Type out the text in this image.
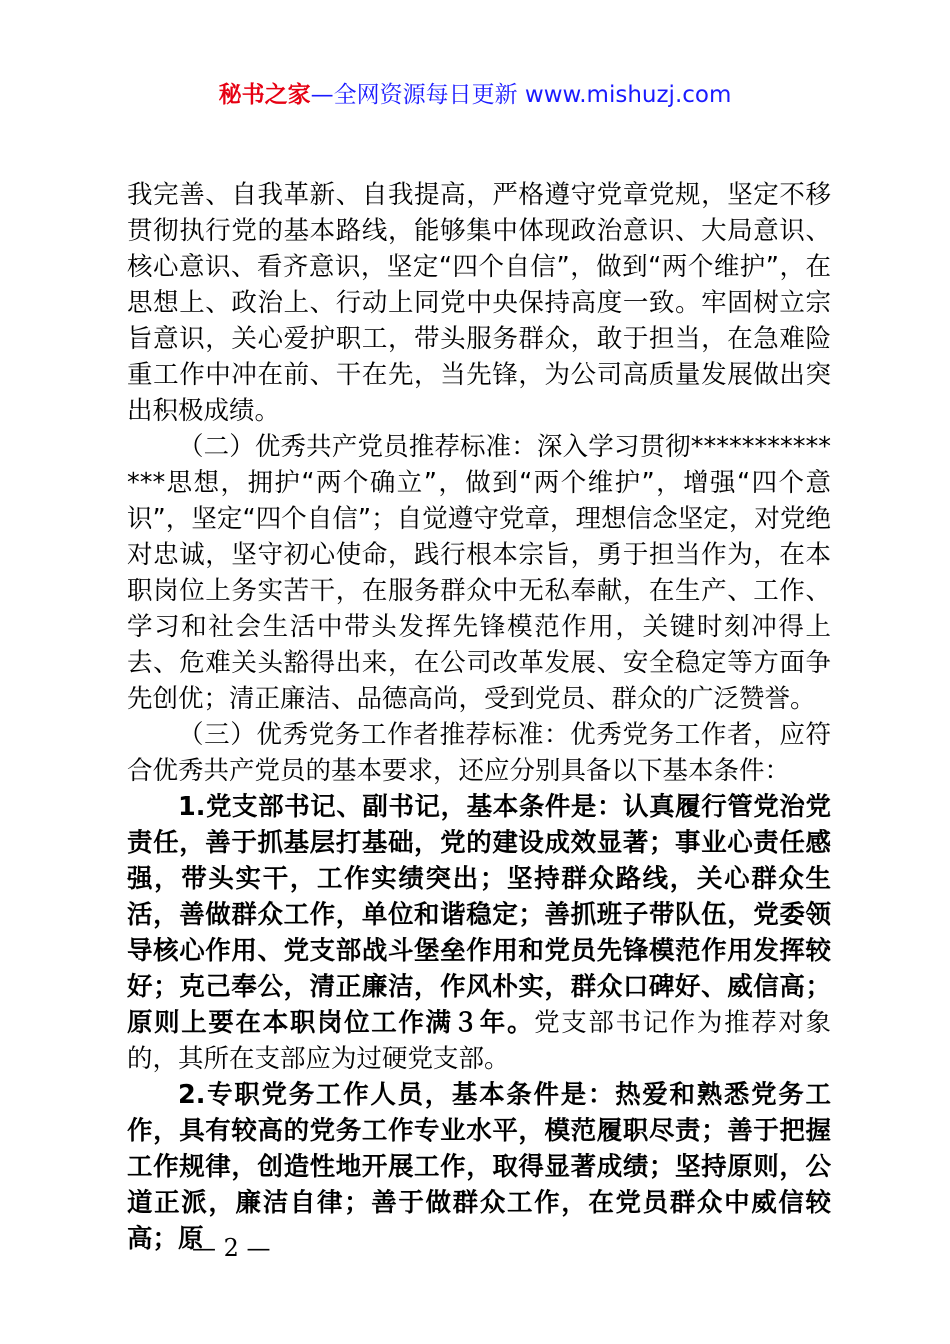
秘书之家—全网资源每日更新 www.mishuzj.com

我完善、自我革新、自我提高，严格遵守党章党规，坚定不移贯彻执行党的基本路线，能够集中体现政治意识、大局意识、核心意识、看齐意识，坚定“四个自信”，做到“两个维护”，在思想上、政治上、行动上同党中央保持高度一致。牢固树立宗旨意识，关心爱护职工，带头服务群众，敢于担当，在急难险重工作中冲在前、干在先，当先锋，为公司高质量发展做出突出积极成绩。

（二）优秀共产党员推荐标准：深入学习贯彻**************思想，拥护“两个确立”，做到“两个维护”，增强“四个意识”，坚定“四个自信”；自觉遵守党章，理想信念坚定，对党绝对忠诚，坚守初心使命，践行根本宗旨，勇于担当作为，在本职岗位上务实苦干，在服务群众中无私奉献，在生产、工作、学习和社会生活中带头发挥先锋模范作用，关键时刻冲得上去、危难关头豁得出来，在公司改革发展、安全稳定等方面争先创优；清正廉洁、品德高尚，受到党员、群众的广泛赞誉。

（三）优秀党务工作者推荐标准：优秀党务工作者，应符合优秀共产党员的基本要求，还应分别具备以下基本条件：

1.党支部书记、副书记，基本条件是：认真履行管党治党责任，善于抓基层打基础，党的建设成效显著；事业心责任感强，带头实干，工作实绩突出；坚持群众路线，关心群众生活，善做群众工作，单位和谐稳定；善抓班子带队伍，党委领导核心作用、党支部战斗堡垒作用和党员先锋模范作用发挥较好；克己奉公，清正廉洁，作风朴实，群众口碑好、威信高；原则上要在本职岗位工作满３年。党支部书记作为推荐对象的，其所在支部应为过硬党支部。

2.专职党务工作人员，基本条件是：热爱和熟悉党务工作，具有较高的党务工作专业水平，模范履职尽责；善于把握工作规律，创造性地开展工作，取得显著成绩；坚持原则，公道正派，廉洁自律；善于做群众工作，在党员群众中威信较高；原

— 2 —
